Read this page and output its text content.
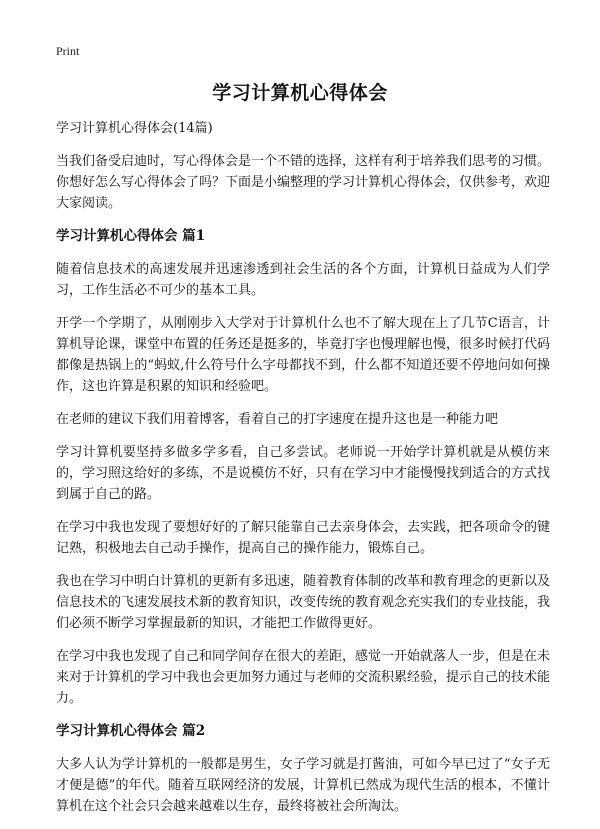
Print
学习计算机心得体会

学习计算机心得体会(14篇)

当我们备受启迪时，写心得体会是一个不错的选择，这样有利于培养我们思考的习惯。你想好怎么写心得体会了吗？下面是小编整理的学习计算机心得体会，仅供参考，欢迎大家阅读。

学习计算机心得体会 篇1

随着信息技术的高速发展并迅速渗透到社会生活的各个方面，计算机日益成为人们学习，工作生活必不可少的基本工具。

开学一个学期了，从刚刚步入大学对于计算机什么也不了解大现在上了几节C语言，计算机导论课，课堂中布置的任务还是挺多的，毕竟打字也慢理解也慢，很多时候打代码都像是热锅上的“蚂蚁,什么符号什么字母都找不到，什么都不知道还要不停地问如何操作，这也许算是积累的知识和经验吧。

在老师的建议下我们用着博客，看着自己的打字速度在提升这也是一种能力吧

学习计算机要坚持多做多学多看，自己多尝试。老师说一开始学计算机就是从模仿来的，学习照这给好的多练，不是说模仿不好，只有在学习中才能慢慢找到适合的方式找到属于自己的路。

在学习中我也发现了要想好好的了解只能靠自己去亲身体会，去实践，把各项命令的键记熟，积极地去自己动手操作，提高自己的操作能力，锻炼自己。

我也在学习中明白计算机的更新有多迅速，随着教育体制的改革和教育理念的更新以及信息技术的飞速发展技术新的教育知识，改变传统的教育观念充实我们的专业技能，我们必须不断学习掌握最新的知识，才能把工作做得更好。

在学习中我也发现了自己和同学间存在很大的差距，感觉一开始就落人一步，但是在未来对于计算机的学习中我也会更加努力通过与老师的交流积累经验，提示自己的技术能力。

学习计算机心得体会 篇2

大多人认为学计算机的一般都是男生，女子学习就是打酱油，可如今早已过了“女子无才便是德”的年代。随着互联网经济的发展，计算机已然成为现代生活的根本，不懂计算机在这个社会只会越来越难以生存，最终将被社会所淘汰。
